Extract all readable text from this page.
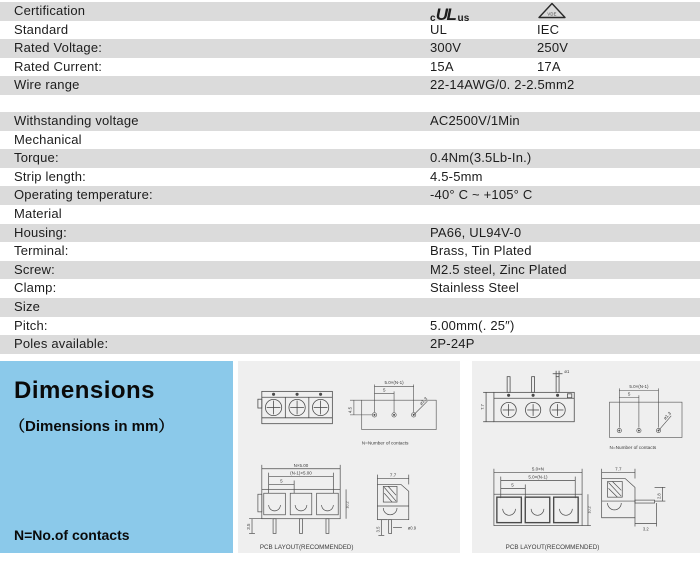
Certification
c UL us	VDE
Standard	UL	IEC
Rated Voltage:	300V	250V
Rated Current:	15A	17A
Wire range	22-14AWG/0. 2-2.5mm2
Withstanding voltage	AC2500V/1Min
Mechanical
Torque:	0.4Nm(3.5Lb-In.)
Strip length:	4.5-5mm
Operating temperature:	-40° C ~ +105° C
Material
Housing:	PA66, UL94V-0
Terminal:	Brass, Tin Plated
Screw:	M2.5 steel, Zinc Plated
Clamp:	Stainless Steel
Size
Pitch:	5.00mm(. 25″)
Poles available:	2P-24P
Dimensions
（Dimensions in mm）
N=No.of contacts
5.0×(N-1)
5
4.5
ø1.3
N=Number of contacts
N×5.00
(N-1)×5.00
5
3.5
10.2
7.7
ø0.9
3.5
PCB LAYOUT(RECOMMENDED)
ø1
7.7
5.0×(N-1)
5
ø1.3
N=Number of contacts
5.0×N
5.0×(N-1)
5
10.2
7.7
2.8
3.2
PCB LAYOUT(RECOMMENDED)
